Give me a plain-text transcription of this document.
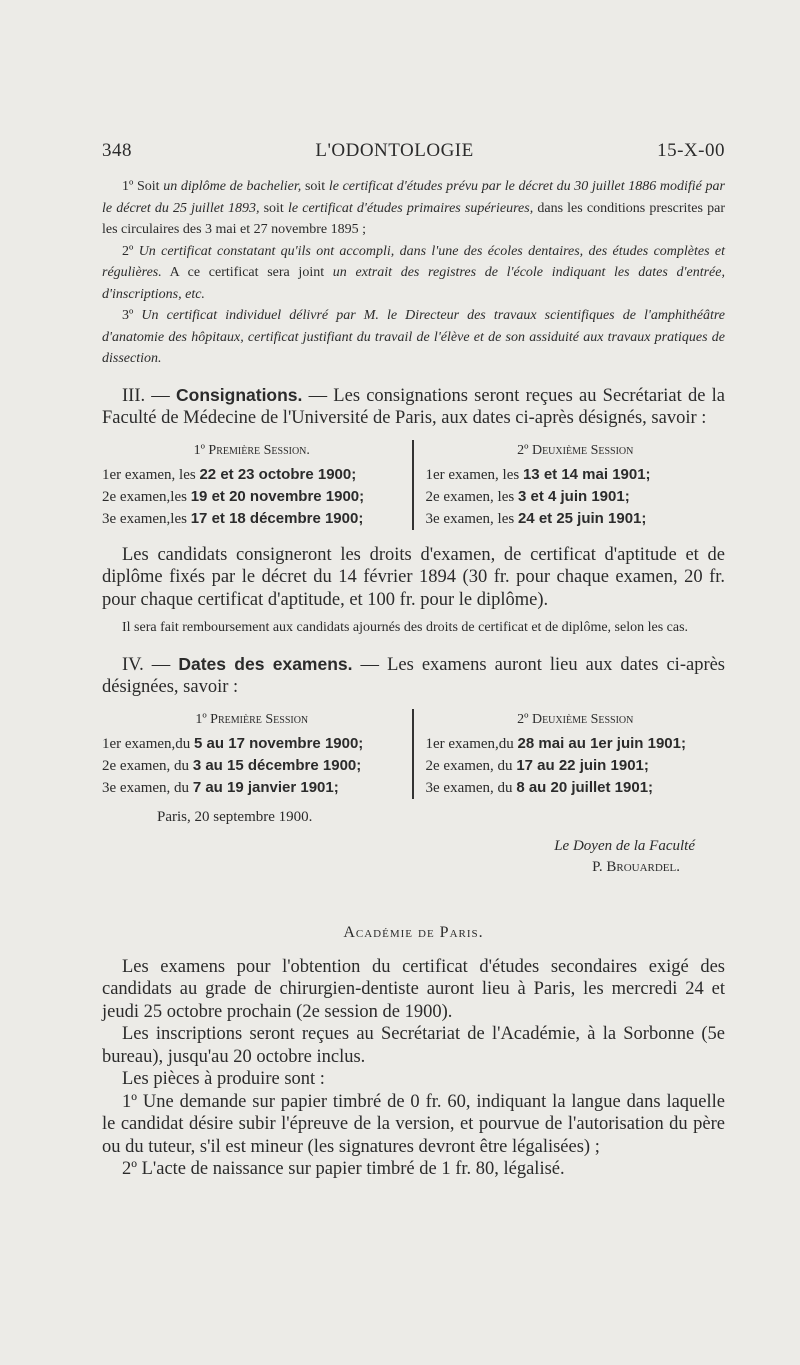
348	L'ODONTOLOGIE	15-X-00

1º Soit un diplôme de bachelier, soit le certificat d'études prévu par le décret du 30 juillet 1886 modifié par le décret du 25 juillet 1893, soit le certificat d'études primaires supérieures, dans les conditions prescrites par les circulaires des 3 mai et 27 novembre 1895 ;

2º Un certificat constatant qu'ils ont accompli, dans l'une des écoles dentaires, des études complètes et régulières. A ce certificat sera joint un extrait des registres de l'école indiquant les dates d'entrée, d'inscriptions, etc.

3º Un certificat individuel délivré par M. le Directeur des travaux scientifiques de l'amphithéâtre d'anatomie des hôpitaux, certificat justifiant du travail de l'élève et de son assiduité aux travaux pratiques de dissection.

III. — Consignations. — Les consignations seront reçues au Secrétariat de la Faculté de Médecine de l'Université de Paris, aux dates ci-après désignés, savoir :

1º Première Session.
1er examen, les 22 et 23 octobre 1900;
2e examen,les 19 et 20 novembre 1900;
3e examen,les 17 et 18 décembre 1900;
2º Deuxième Session
1er examen, les 13 et 14 mai 1901;
2e examen, les 3 et 4 juin 1901;
3e examen, les 24 et 25 juin 1901;

Les candidats consigneront les droits d'examen, de certificat d'aptitude et de diplôme fixés par le décret du 14 février 1894 (30 fr. pour chaque examen, 20 fr. pour chaque certificat d'aptitude, et 100 fr. pour le diplôme).

Il sera fait remboursement aux candidats ajournés des droits de certificat et de diplôme, selon les cas.

IV. — Dates des examens. — Les examens auront lieu aux dates ci-après désignées, savoir :

1º Première Session
1er examen,du 5 au 17 novembre 1900;
2e examen, du 3 au 15 décembre 1900;
3e examen, du 7 au 19 janvier 1901;
2º Deuxième Session
1er examen,du 28 mai au 1er juin 1901;
2e examen, du 17 au 22 juin 1901;
3e examen, du 8 au 20 juillet 1901;
Paris, 20 septembre 1900.
Le Doyen de la Faculté
P. Brouardel.
Académie de Paris.

Les examens pour l'obtention du certificat d'études secondaires exigé des candidats au grade de chirurgien-dentiste auront lieu à Paris, les mercredi 24 et jeudi 25 octobre prochain (2e session de 1900).

Les inscriptions seront reçues au Secrétariat de l'Académie, à la Sorbonne (5e bureau), jusqu'au 20 octobre inclus.

Les pièces à produire sont :

1º Une demande sur papier timbré de 0 fr. 60, indiquant la langue dans laquelle le candidat désire subir l'épreuve de la version, et pourvue de l'autorisation du père ou du tuteur, s'il est mineur (les signatures devront être légalisées) ;

2º L'acte de naissance sur papier timbré de 1 fr. 80, légalisé.
